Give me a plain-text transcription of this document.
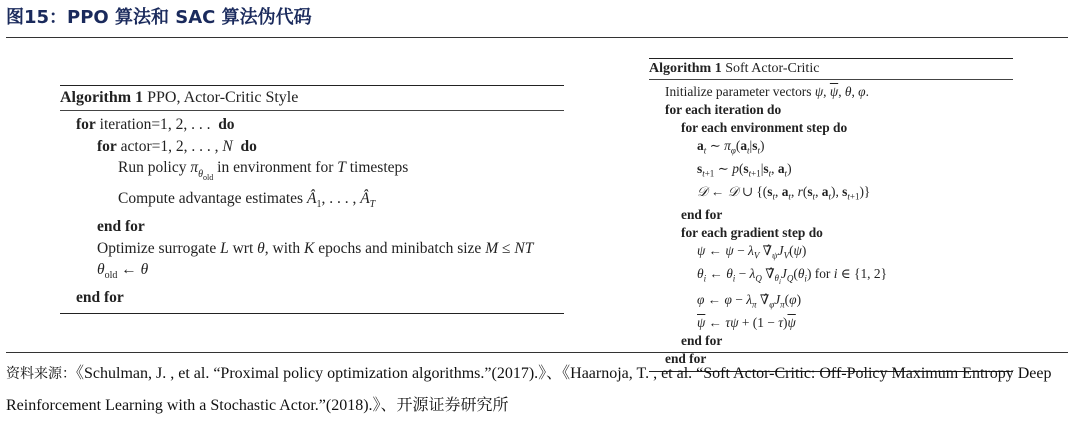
图15：PPO 算法和 SAC 算法伪代码
Algorithm 1 PPO, Actor-Critic Style
for iteration=1, 2, . . .  do
for actor=1, 2, . . . , N do
Run policy $\pi_{\theta_{old}}$ in environment for T timesteps
Compute advantage estimates $Â_1$, . . . , $Â_T$
end for
Optimize surrogate L wrt θ, with K epochs and minibatch size M ≤ NT
$\theta_{old}$ ← θ
end for
Algorithm 1 Soft Actor-Critic
Initialize parameter vectors ψ, $\overline{\psi}$, θ, φ.
for each iteration do
for each environment step do
$a_t$ ∼ $\pi_\varphi(a_t|s_t)$
$s_{t+1}$ ∼ $p(s_{t+1}|s_t$, $a_t$)
𝒟 ← 𝒟 ∪ {($s_t$, $a_t$, $r(s_t$, $a_t$), $s_{t+1}$)}
end for
for each gradient step do
ψ ← $\psi - \lambda_V$ $\nablâ_\psi J_V(\psi)$
$\theta_i$ ← $\theta_i - \lambda_Q$ $\nablâ_{\theta_i}J_Q(\theta_i)$ for i ∈ {1, 2}
φ ← $\varphi - \lambda_\pi$ $\nablâ_\varphi J_\pi(\varphi)$
$\overline{\psi}$ ← $\tau\psi + (1 - \tau)\overline{\psi}$
end for
end for
资料来源：《Schulman, J. , et al. “Proximal policy optimization algorithms.”(2017).》、《Haarnoja, T. , et al. “Soft Actor-Critic: Off-Policy Maximum Entropy Deep Reinforcement Learning with a Stochastic Actor.”(2018).》、开源证券研究所
